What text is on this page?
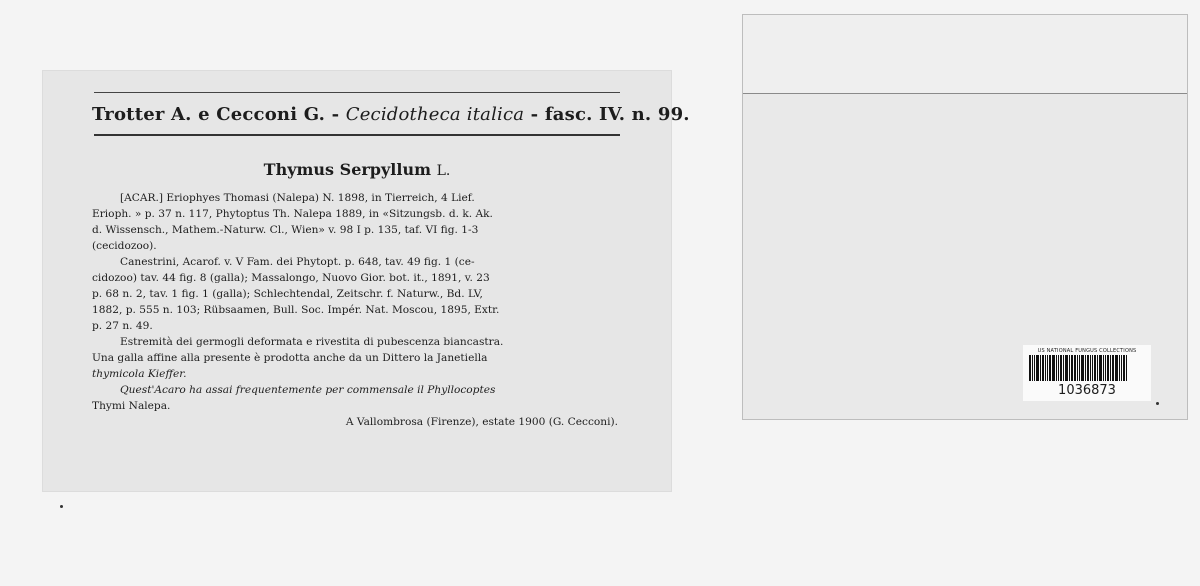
Trotter A. e Cecconi G. - Cecidotheca italica - fasc. IV. n. 99.
Thymus Serpyllum L.

[ACAR.] Eriophyes Thomasi (Nalepa) N. 1898, in Tierreich, 4 Lief.

Erioph. » p. 37 n. 117, Phytoptus Th. Nalepa 1889, in «Sitzungsb. d. k. Ak.

d. Wissensch., Mathem.-Naturw. Cl., Wien» v. 98 I p. 135, taf. VI fig. 1-3

(cecidozoo).

Canestrini, Acarof. v. V Fam. dei Phytopt. p. 648, tav. 49 fig. 1 (ce-

cidozoo) tav. 44 fig. 8 (galla); Massalongo, Nuovo Gior. bot. it., 1891, v. 23

p. 68 n. 2, tav. 1 fig. 1 (galla); Schlechtendal, Zeitschr. f. Naturw., Bd. LV,

1882, p. 555 n. 103; Rübsaamen, Bull. Soc. Impér. Nat. Moscou, 1895, Extr.

p. 27 n. 49.

Estremità dei germogli deformata e rivestita di pubescenza biancastra.

Una galla affine alla presente è prodotta anche da un Dittero la Janetiella

thymicola Kieffer.

Quest'Acaro ha assai frequentemente per commensale il Phyllocoptes

Thymi Nalepa.

A Vallombrosa (Firenze), estate 1900 (G. Cecconi).

US NATIONAL FUNGUS COLLECTIONS
1036873
